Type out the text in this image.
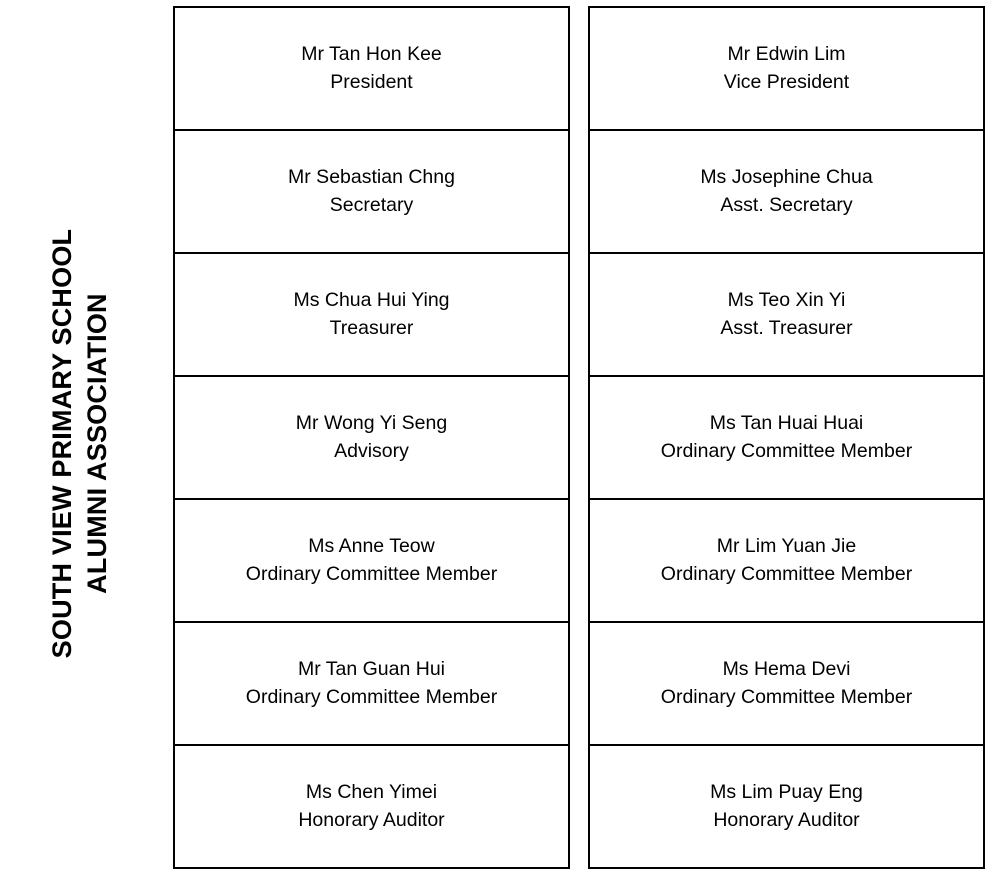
SOUTH VIEW PRIMARY SCHOOL ALUMNI ASSOCIATION
Mr Tan Hon Kee
President
Mr Sebastian Chng
Secretary
Ms Chua Hui Ying
Treasurer
Mr Wong Yi Seng
Advisory
Ms Anne Teow
Ordinary Committee Member
Mr Tan Guan Hui
Ordinary Committee Member
Ms Chen Yimei
Honorary Auditor
Mr Edwin Lim
Vice President
Ms Josephine Chua
Asst. Secretary
Ms Teo Xin Yi
Asst. Treasurer
Ms Tan Huai Huai
Ordinary Committee Member
Mr Lim Yuan Jie
Ordinary Committee Member
Ms Hema Devi
Ordinary Committee Member
Ms Lim Puay Eng
Honorary Auditor
